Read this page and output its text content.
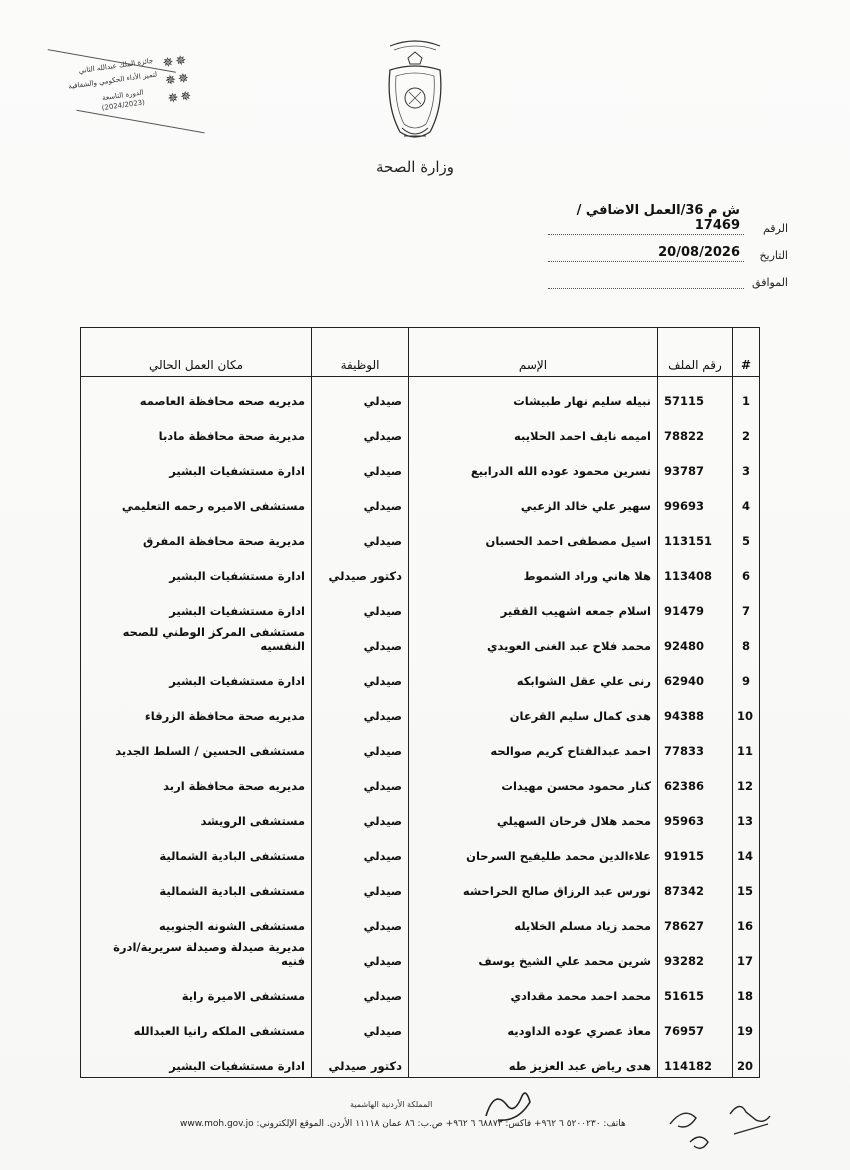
✵✵
✵✵
✵✵
جائزة الملك عبدالله الثاني
لتميز الأداء الحكومي والشفافية
الدورة التاسعة
(2024/2023)
وزارة الصحة
الرقم
ش م 36/العمل الاضافي / 17469
التاريخ
20/08/2026
الموافق
#	رقم الملف	الإسم	الوظيفة	مكان العمل الحالي
1	57115	نبيله سليم نهار طبيشات	صيدلي	مديريه صحه محافظة العاصمه
2	78822	اميمه نايف احمد الحلايبه	صيدلي	مديرية صحة محافظة مادبا
3	93787	نسرين محمود عوده الله الدرابيع	صيدلي	ادارة مستشفيات البشير
4	99693	سهير علي خالد الزعبي	صيدلي	مستشفى الاميره رحمه التعليمي
5	113151	اسيل مصطفى احمد الحسبان	صيدلي	مديرية صحة محافظة المفرق
6	113408	هلا هاني وراد الشموط	دكتور صيدلي	ادارة مستشفيات البشير
7	91479	اسلام جمعه اشهيب الفقير	صيدلي	ادارة مستشفيات البشير
8	92480	محمد فلاح عبد الغنى العويدي	صيدلي	مستشفى المركز الوطني للصحه النفسيه
9	62940	رنى علي عقل الشوابكه	صيدلي	ادارة مستشفيات البشير
10	94388	هدى كمال سليم القرعان	صيدلي	مديريه صحة محافظة الزرقاء
11	77833	احمد عبدالفتاح كريم صوالحه	صيدلي	مستشفى الحسين / السلط الجديد
12	62386	كنار محمود محسن مهيدات	صيدلي	مديريه صحة محافظة اربد
13	95963	محمد هلال فرحان السهيلي	صيدلي	مستشفى الرويشد
14	91915	علاءالدين محمد طليفيح السرحان	صيدلي	مستشفى البادية الشمالية
15	87342	نورس عبد الرزاق صالح الحراحشه	صيدلي	مستشفى البادية الشمالية
16	78627	محمد زياد مسلم الخلايله	صيدلي	مستشفى الشونه الجنوبيه
17	93282	شرين محمد علي الشيخ يوسف	صيدلي	مديرية صيدلة وصيدلة سريرية/ادرة فنيه
18	51615	محمد احمد محمد مقدادي	صيدلي	مستشفى الاميرة راية
19	76957	معاذ عصري عوده الداوديه	صيدلي	مستشفى الملكه رانيا العبدالله
20	114182	هدى رياض عبد العزيز طه	دكتور صيدلي	ادارة مستشفيات البشير
المملكة الأردنية الهاشمية
هاتف: ٥٢٠٠٢٣٠ ٦ ٩٦٢+ فاكس: ٦٨٨٧٣ ٦ ٩٦٢+ ص.ب: ٨٦ عمان ١١١١٨ الأردن. الموقع الإلكتروني: www.moh.gov.jo
